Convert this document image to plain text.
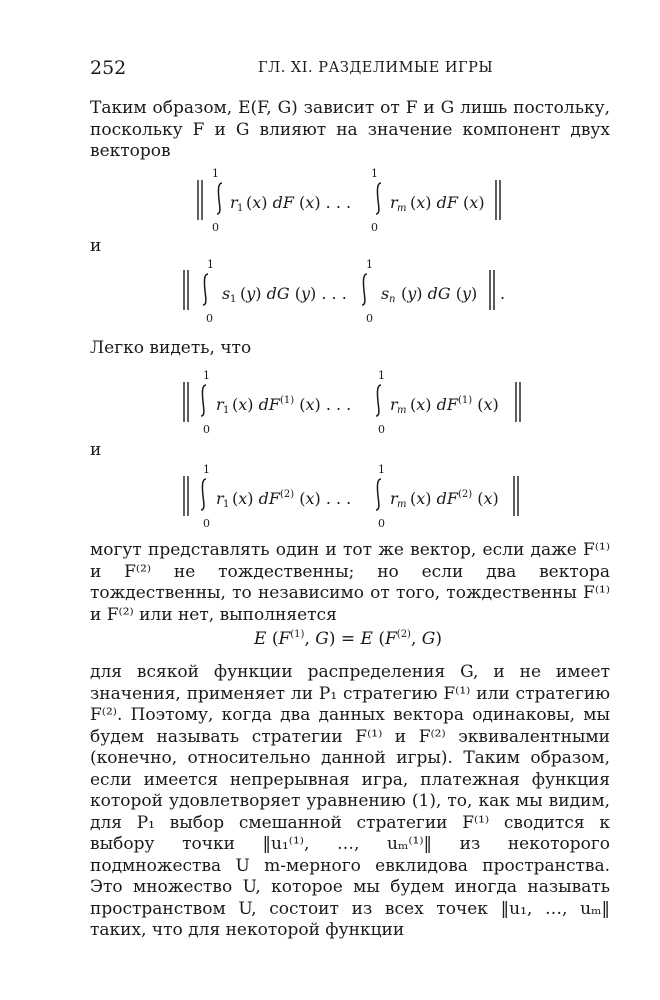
252	ГЛ. XI. РАЗДЕЛИМЫЕ ИГРЫ

Таким образом, E(F, G) зависит от F и G лишь постольку, поскольку F и G влияют на значение компонент двух векторов

1
0
r 1 (x) dF (x) . . .
1
0
r m (x) dF (x)
и
1
0
s 1 (y) dG (y) . . .
1
0
s n (y) dG (y) .

Легко видеть, что

1
0
r 1 (x) $dF^{(1)}$ (x) . . .
1
0
r m (x) $dF^{(1)}$ (x)
и
1
0
r 1 (x) $dF^{(2)}$ (x) . . .
1
0
r m (x) $dF^{(2)}$ (x)

могут представлять один и тот же вектор, если даже F⁽¹⁾ и F⁽²⁾ не тождественны; но если два вектора тождественны, то независимо от того, тождественны F⁽¹⁾ и F⁽²⁾ или нет, выполняется

E ($F^{(1)}$, G) = E ($F^{(2)}$, G)

для всякой функции распределения G, и не имеет значения, применяет ли P₁ стратегию F⁽¹⁾ или стратегию F⁽²⁾. Поэтому, когда два данных вектора одинаковы, мы будем называть стратегии F⁽¹⁾ и F⁽²⁾ эквивалентными (конечно, относительно данной игры). Таким образом, если имеется непрерывная игра, платежная функция которой удовлетворяет уравнению (1), то, как мы видим, для P₁ выбор смешанной стратегии F⁽¹⁾ сводится к выбору точки ‖u₁⁽¹⁾, …, uₘ⁽¹⁾‖ из некоторого подмножества U m-мерного евклидова пространства. Это множество U, которое мы будем иногда называть пространством U, состоит из всех точек ‖u₁, …, uₘ‖ таких, что для некоторой функции
